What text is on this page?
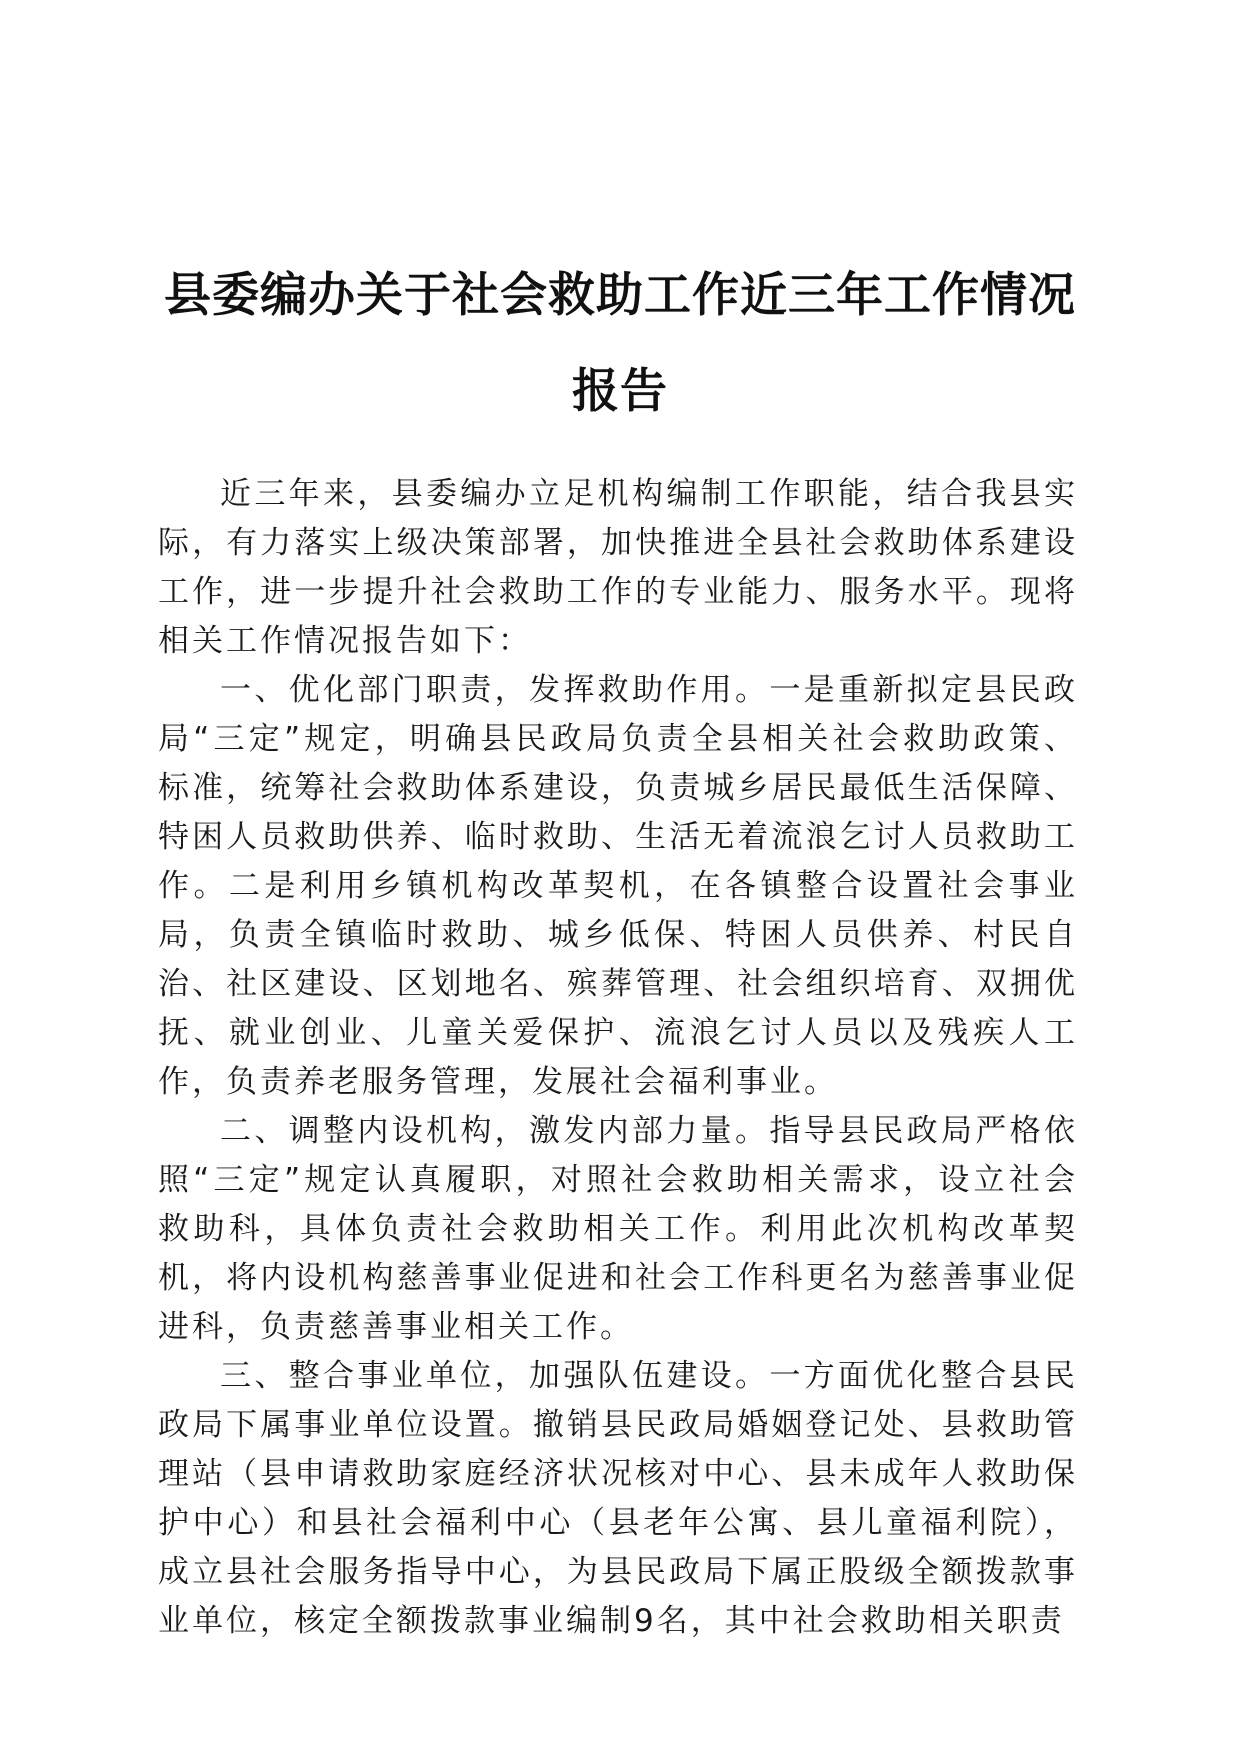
县委编办关于社会救助工作近三年工作情况报告

近三年来，县委编办立足机构编制工作职能，结合我县实际，有力落实上级决策部署，加快推进全县社会救助体系建设工作，进一步提升社会救助工作的专业能力、服务水平。现将相关工作情况报告如下：

一、优化部门职责，发挥救助作用。一是重新拟定县民政局“三定”规定，明确县民政局负责全县相关社会救助政策、标准，统筹社会救助体系建设，负责城乡居民最低生活保障、特困人员救助供养、临时救助、生活无着流浪乞讨人员救助工作。二是利用乡镇机构改革契机，在各镇整合设置社会事业局，负责全镇临时救助、城乡低保、特困人员供养、村民自治、社区建设、区划地名、殡葬管理、社会组织培育、双拥优抚、就业创业、儿童关爱保护、流浪乞讨人员以及残疾人工作，负责养老服务管理，发展社会福利事业。

二、调整内设机构，激发内部力量。指导县民政局严格依照“三定”规定认真履职，对照社会救助相关需求，设立社会救助科，具体负责社会救助相关工作。利用此次机构改革契机，将内设机构慈善事业促进和社会工作科更名为慈善事业促进科，负责慈善事业相关工作。

三、整合事业单位，加强队伍建设。一方面优化整合县民政局下属事业单位设置。撤销县民政局婚姻登记处、县救助管理站（县申请救助家庭经济状况核对中心、县未成年人救助保护中心）和县社会福利中心（县老年公寓、县儿童福利院），成立县社会服务指导中心，为县民政局下属正股级全额拨款事业单位，核定全额拨款事业编制9名，其中社会救助相关职责
